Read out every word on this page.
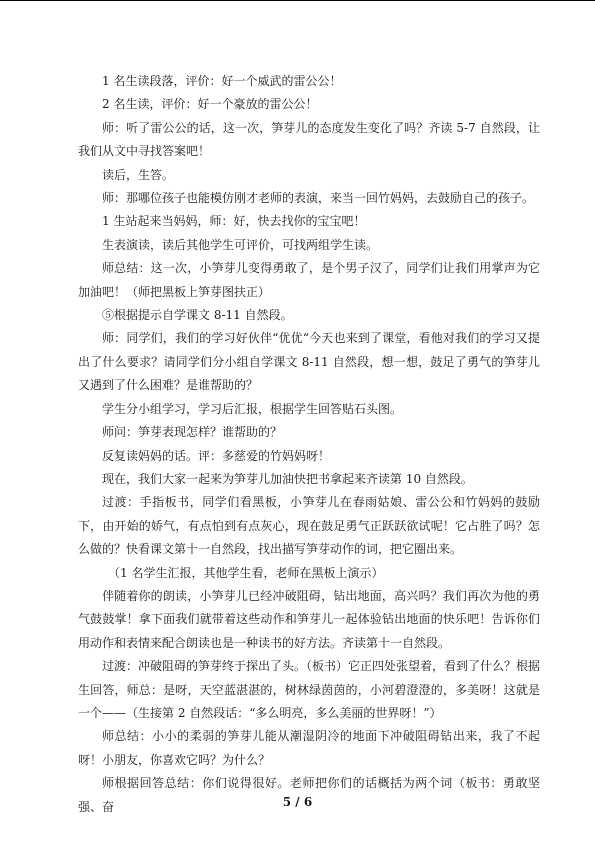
1 名生读段落，评价：好一个威武的雷公公！

2 名生读，评价：好一个豪放的雷公公！

师：听了雷公公的话，这一次，笋芽儿的态度发生变化了吗？齐读 5-7 自然段，让我们从文中寻找答案吧！

读后，生答。

师：那哪位孩子也能模仿刚才老师的表演，来当一回竹妈妈，去鼓励自己的孩子。

1 生站起来当妈妈，师：好，快去找你的宝宝吧！

生表演读，读后其他学生可评价，可找两组学生读。

师总结：这一次，小笋芽儿变得勇敢了，是个男子汉了，同学们让我们用掌声为它加油吧！（师把黑板上笋芽图扶正）

⑤根据提示自学课文 8-11 自然段。

师：同学们，我们的学习好伙伴“优优“今天也来到了课堂，看他对我们的学习又提出了什么要求？请同学们分小组自学课文 8-11 自然段，想一想，鼓足了勇气的笋芽儿又遇到了什么困难？是谁帮助的？

学生分小组学习，学习后汇报，根据学生回答贴石头图。

师问：笋芽表现怎样？谁帮助的？

反复读妈妈的话。评：多慈爱的竹妈妈呀！

现在，我们大家一起来为笋芽儿加油快把书拿起来齐读第 10 自然段。

过渡：手指板书，同学们看黑板，小笋芽儿在春雨姑娘、雷公公和竹妈妈的鼓励下，由开始的娇气，有点怕到有点灰心，现在鼓足勇气正跃跃欲试呢！它占胜了吗？怎么做的？快看课文第十一自然段，找出描写笋芽动作的词，把它圈出来。

（1 名学生汇报，其他学生看，老师在黑板上演示）

伴随着你的朗读，小笋芽儿已经冲破阻碍，钻出地面，高兴吗？我们再次为他的勇气鼓鼓掌！拿下面我们就带着这些动作和笋芽儿一起体验钻出地面的快乐吧！告诉你们用动作和表情来配合朗读也是一种读书的好方法。齐读第十一自然段。

过渡：冲破阻碍的笋芽终于探出了头。（板书）它正四处张望着，看到了什么？根据生回答，师总：是呀，天空蓝湛湛的，树林绿茵茵的，小河碧澄澄的，多美呀！这就是一个——（生接第 2 自然段话：“多么明亮，多么美丽的世界呀！”）

师总结：小小的柔弱的笋芽儿能从潮湿阴冷的地面下冲破阻碍钻出来，我了不起呀！小朋友，你喜欢它吗？为什么？

师根据回答总结：你们说得很好。老师把你们的话概括为两个词（板书：勇敢坚强、奋	5 / 6
